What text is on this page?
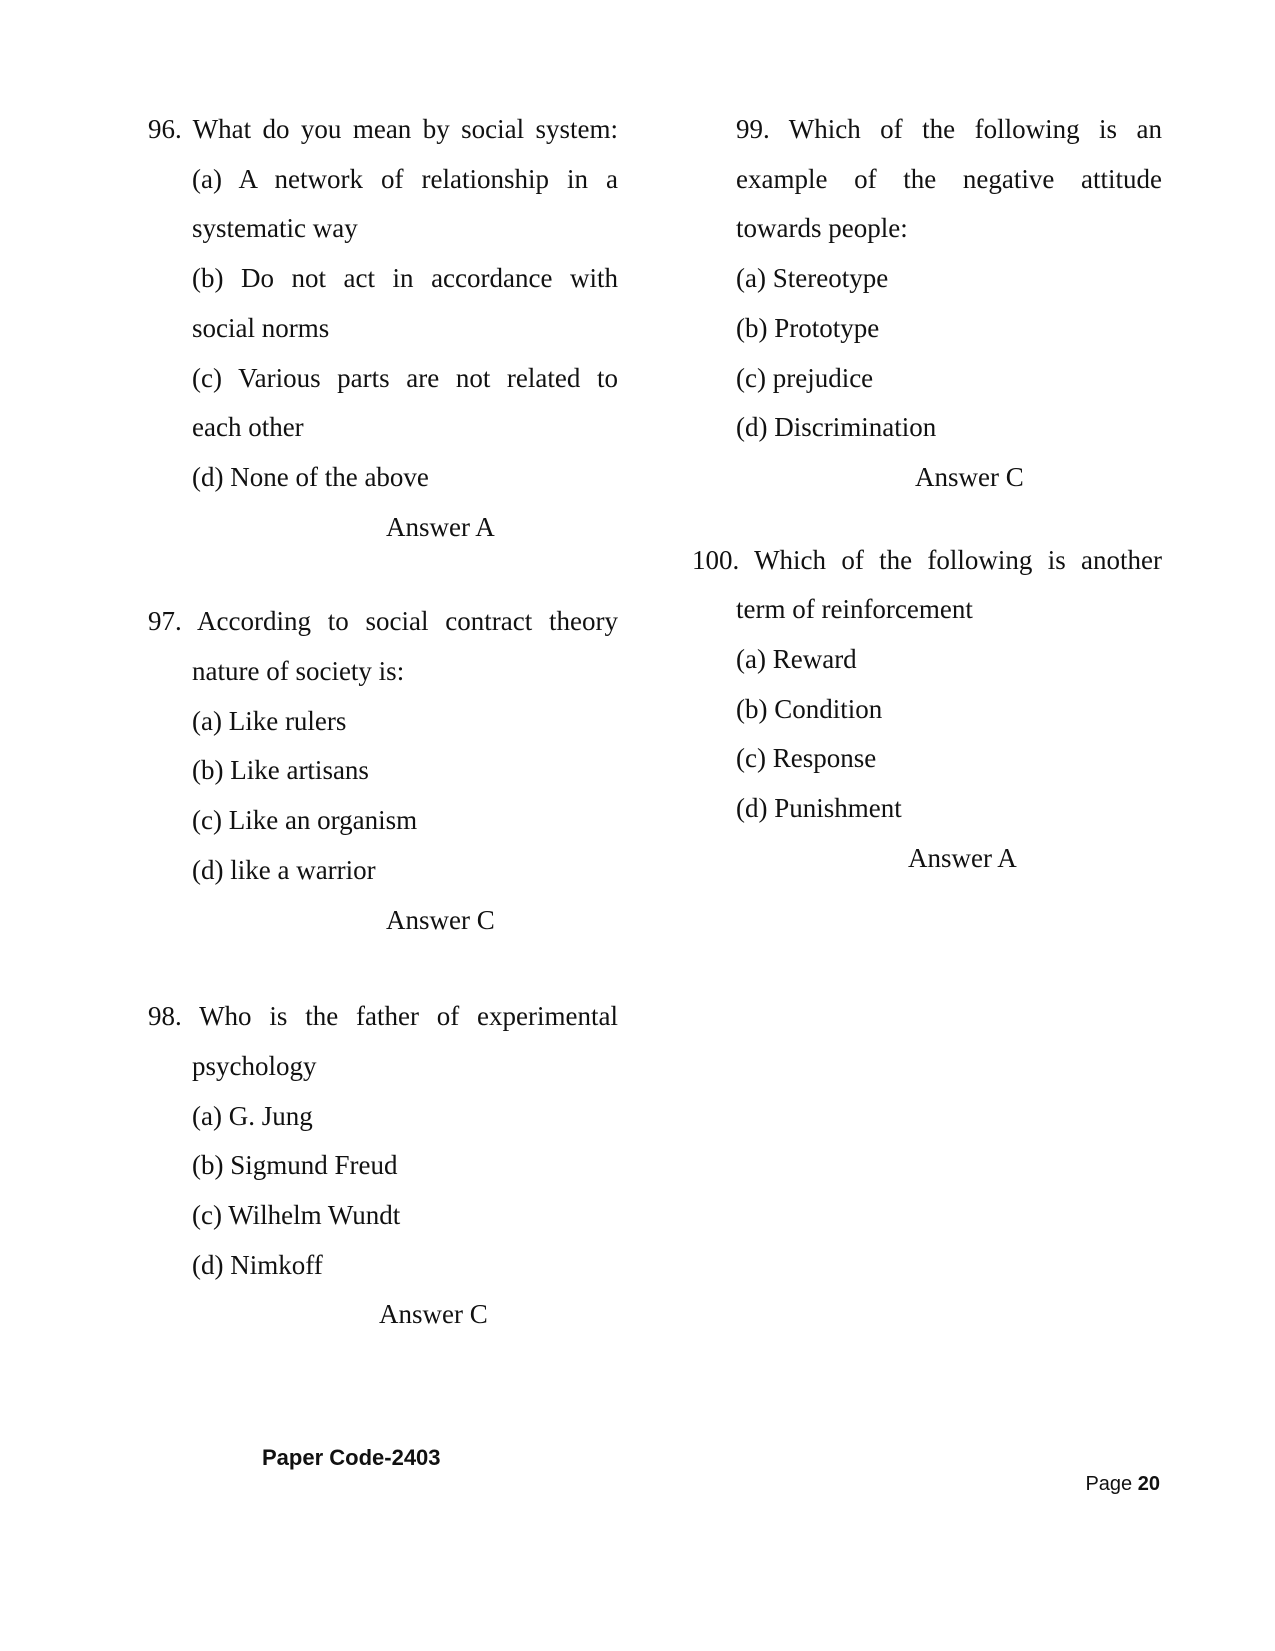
96. What do you mean by social system:
(a) A network of relationship in a
systematic way
(b) Do not act in accordance with
social norms
(c) Various parts are not related to
each other
(d) None of the above
Answer A
97. According to social contract theory
nature of society is:
(a) Like rulers
(b) Like artisans
(c) Like an organism
(d) like a warrior
Answer C
98. Who is the father of experimental
psychology
(a) G. Jung
(b) Sigmund Freud
(c) Wilhelm Wundt
(d) Nimkoff
Answer C
99. Which of the following is an
example of the negative attitude
towards people:
(a) Stereotype
(b) Prototype
(c) prejudice
(d) Discrimination
Answer C
100. Which of the following is another
term of reinforcement
(a) Reward
(b) Condition
(c) Response
(d) Punishment
Answer A
Paper Code-2403
Page 20
